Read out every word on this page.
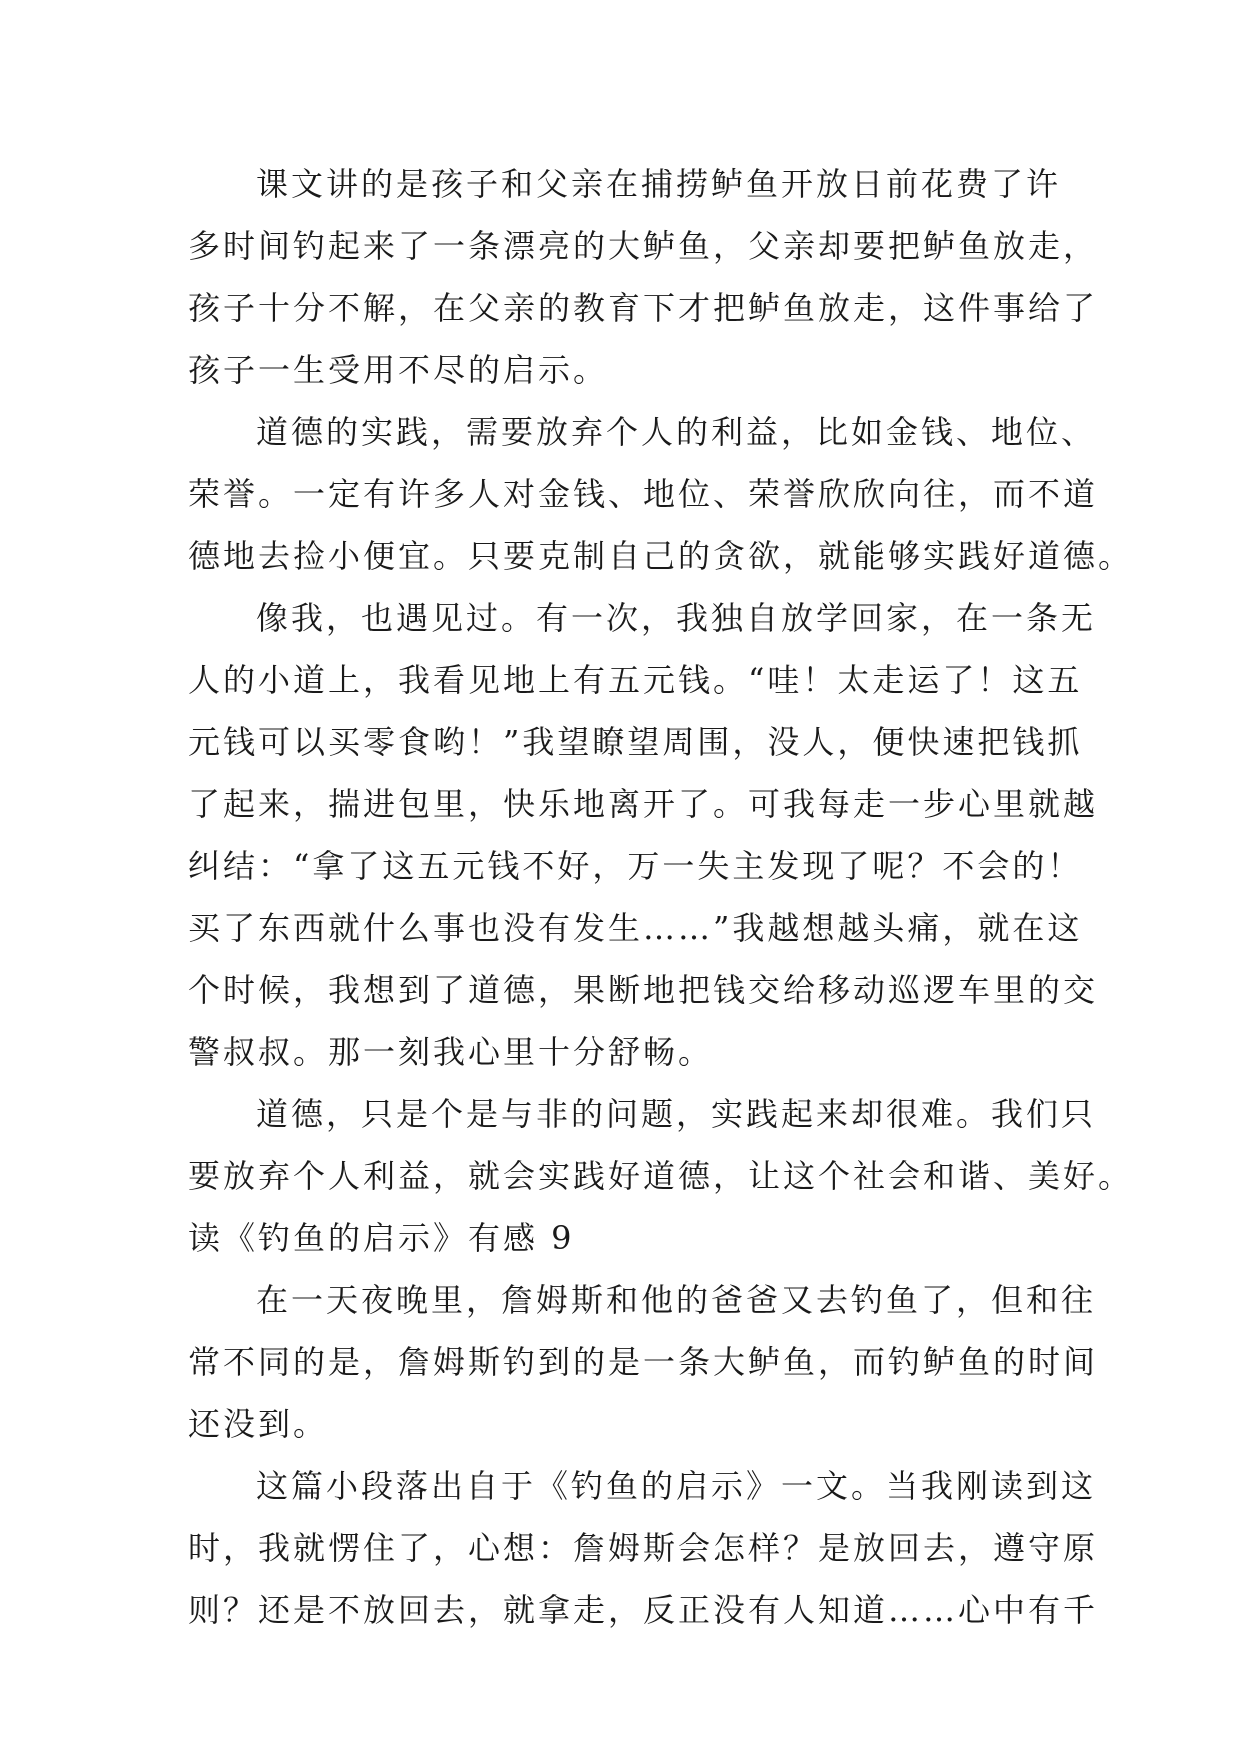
课文讲的是孩子和父亲在捕捞鲈鱼开放日前花费了许
多时间钓起来了一条漂亮的大鲈鱼，父亲却要把鲈鱼放走，
孩子十分不解，在父亲的教育下才把鲈鱼放走，这件事给了
孩子一生受用不尽的启示。
道德的实践，需要放弃个人的利益，比如金钱、地位、
荣誉。一定有许多人对金钱、地位、荣誉欣欣向往，而不道
德地去捡小便宜。只要克制自己的贪欲，就能够实践好道德。
像我，也遇见过。有一次，我独自放学回家，在一条无
人的小道上，我看见地上有五元钱。“哇！太走运了！这五
元钱可以买零食哟！”我望瞭望周围，没人，便快速把钱抓
了起来，揣进包里，快乐地离开了。可我每走一步心里就越
纠结：“拿了这五元钱不好，万一失主发现了呢？不会的！
买了东西就什么事也没有发生……”我越想越头痛，就在这
个时候，我想到了道德，果断地把钱交给移动巡逻车里的交
警叔叔。那一刻我心里十分舒畅。
道德，只是个是与非的问题，实践起来却很难。我们只
要放弃个人利益，就会实践好道德，让这个社会和谐、美好。
读《钓鱼的启示》有感 9
在一天夜晚里，詹姆斯和他的爸爸又去钓鱼了，但和往
常不同的是，詹姆斯钓到的是一条大鲈鱼，而钓鲈鱼的时间
还没到。
这篇小段落出自于《钓鱼的启示》一文。当我刚读到这
时，我就愣住了，心想：詹姆斯会怎样？是放回去，遵守原
则？还是不放回去，就拿走，反正没有人知道……心中有千
